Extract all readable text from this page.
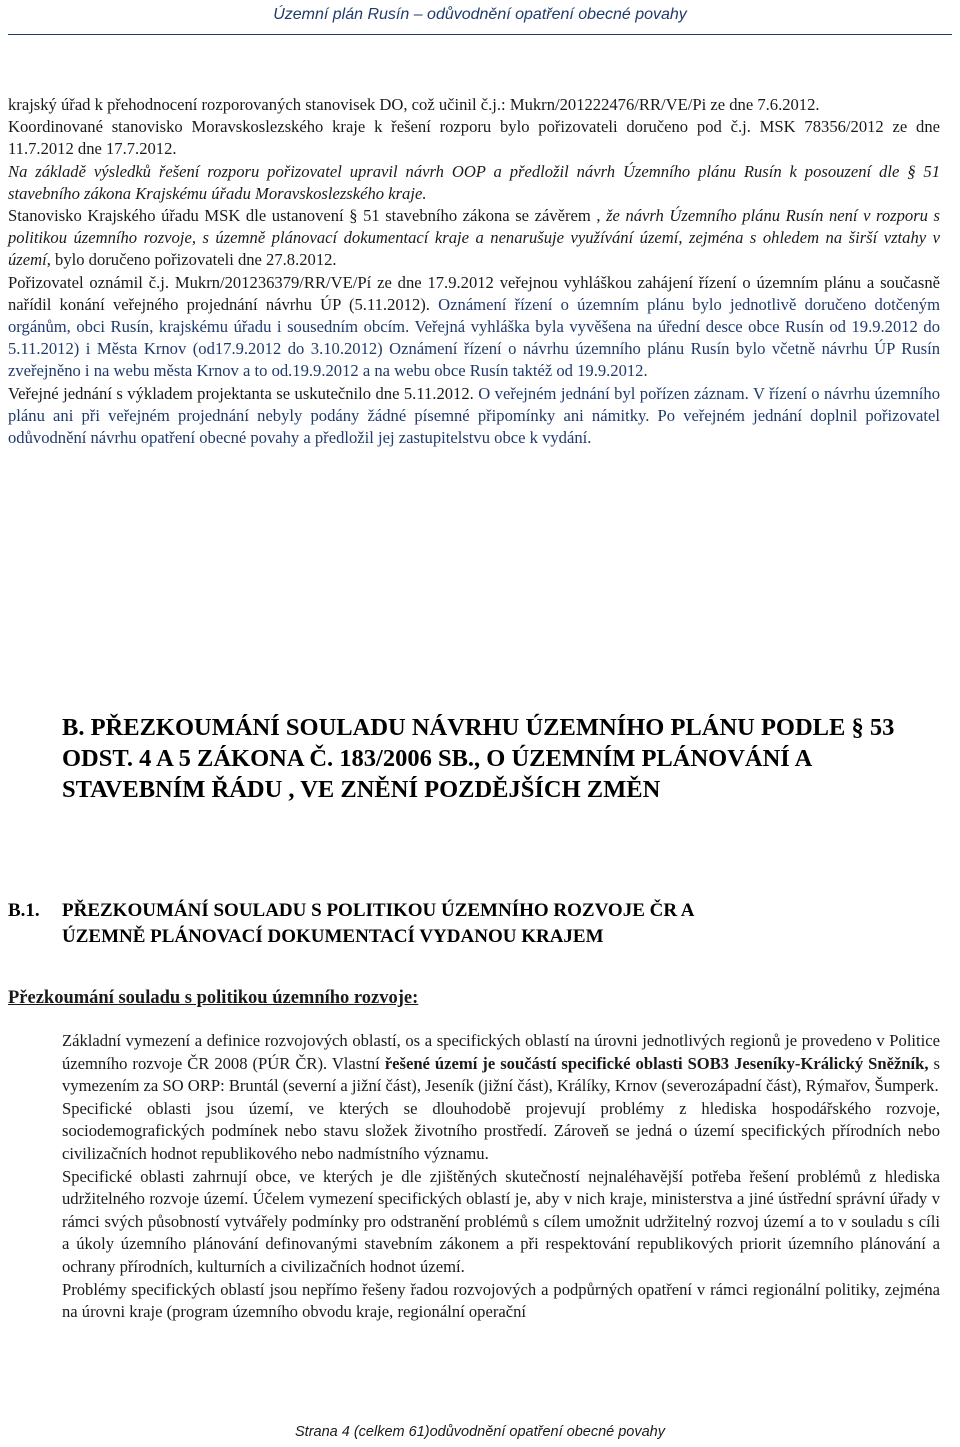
Územní plán Rusín – odůvodnění opatření obecné povahy

krajský úřad k přehodnocení rozporovaných stanovisek DO, což učinil č.j.: Mukrn/201222476/RR/VE/Pi ze dne 7.6.2012.

Koordinované stanovisko Moravskoslezského kraje k řešení rozporu bylo pořizovateli doručeno pod č.j. MSK 78356/2012 ze dne 11.7.2012 dne 17.7.2012.

Na základě výsledků řešení rozporu pořizovatel upravil návrh OOP a předložil návrh Územního plánu Rusín k posouzení dle § 51 stavebního zákona Krajskému úřadu Moravskoslezského kraje.

Stanovisko Krajského úřadu MSK dle ustanovení § 51 stavebního zákona se závěrem , že návrh Územního plánu Rusín není v rozporu s politikou územního rozvoje, s územně plánovací dokumentací kraje a nenarušuje využívání území, zejména s ohledem na širší vztahy v území, bylo doručeno pořizovateli dne 27.8.2012.

Pořizovatel oznámil č.j. Mukrn/201236379/RR/VE/Pí ze dne 17.9.2012 veřejnou vyhláškou zahájení řízení o územním plánu a současně nařídil konání veřejného projednání návrhu ÚP (5.11.2012). Oznámení řízení o územním plánu bylo jednotlivě doručeno dotčeným orgánům, obci Rusín, krajskému úřadu i sousedním obcím. Veřejná vyhláška byla vyvěšena na úřední desce obce Rusín od 19.9.2012 do 5.11.2012) i Města Krnov (od17.9.2012 do 3.10.2012) Oznámení řízení o návrhu územního plánu Rusín bylo včetně návrhu ÚP Rusín zveřejněno i na webu města Krnov a to od.19.9.2012 a na webu obce Rusín taktéž od 19.9.2012.

Veřejné jednání s výkladem projektanta se uskutečnilo dne 5.11.2012. O veřejném jednání byl pořízen záznam. V řízení o návrhu územního plánu ani při veřejném projednání nebyly podány žádné písemné připomínky ani námitky. Po veřejném jednání doplnil pořizovatel odůvodnění návrhu opatření obecné povahy a předložil jej zastupitelstvu obce k vydání.

B. PŘEZKOUMÁNÍ SOULADU NÁVRHU ÚZEMNÍHO PLÁNU PODLE § 53 ODST. 4 A 5 ZÁKONA Č. 183/2006 SB., O ÚZEMNÍM PLÁNOVÁNÍ A STAVEBNÍM ŘÁDU , VE ZNĚNÍ POZDĚJŠÍCH ZMĚN
B.1. PŘEZKOUMÁNÍ SOULADU S POLITIKOU ÚZEMNÍHO ROZVOJE ČR A
ÚZEMNĚ PLÁNOVACÍ DOKUMENTACÍ VYDANOU KRAJEM
Přezkoumání souladu s politikou územního rozvoje:

Základní vymezení a definice rozvojových oblastí, os a specifických oblastí na úrovni jednotlivých regionů je provedeno v Politice územního rozvoje ČR 2008 (PÚR ČR). Vlastní řešené území je součástí specifické oblasti SOB3 Jeseníky-Králický Sněžník, s vymezením za SO ORP: Bruntál (severní a jižní část), Jeseník (jižní část), Králíky, Krnov (severozápadní část), Rýmařov, Šumperk.

Specifické oblasti jsou území, ve kterých se dlouhodobě projevují problémy z hlediska hospodářského rozvoje, sociodemografických podmínek nebo stavu složek životního prostředí. Zároveň se jedná o území specifických přírodních nebo civilizačních hodnot republikového nebo nadmístního významu.

Specifické oblasti zahrnují obce, ve kterých je dle zjištěných skutečností nejnaléhavější potřeba řešení problémů z hlediska udržitelného rozvoje území. Účelem vymezení specifických oblastí je, aby v nich kraje, ministerstva a jiné ústřední správní úřady v rámci svých působností vytvářely podmínky pro odstranění problémů s cílem umožnit udržitelný rozvoj území a to v souladu s cíli a úkoly územního plánování definovanými stavebním zákonem a při respektování republikových priorit územního plánování a ochrany přírodních, kulturních a civilizačních hodnot území.

Problémy specifických oblastí jsou nepřímo řešeny řadou rozvojových a podpůrných opatření v rámci regionální politiky, zejména na úrovni kraje (program územního obvodu kraje, regionální operační

Strana 4 (celkem 61)odůvodnění opatření obecné povahy
